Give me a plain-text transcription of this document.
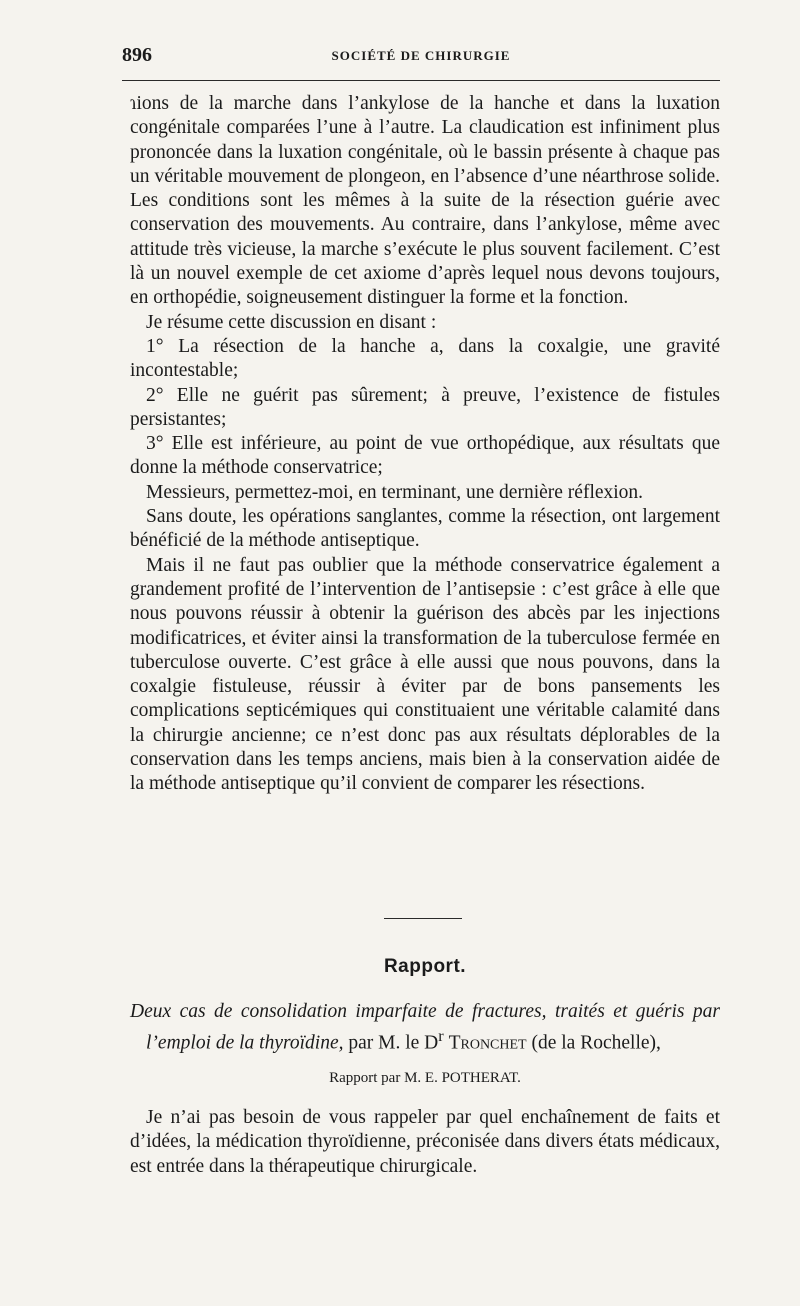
896	SOCIÉTÉ DE CHIRURGIE

ɿions de la marche dans l’ankylose de la hanche et dans la luxation congénitale comparées l’une à l’autre. La claudication est infiniment plus prononcée dans la luxation congénitale, où le bassin présente à chaque pas un véritable mouvement de plongeon, en l’absence d’une néarthrose solide. Les conditions sont les mêmes à la suite de la résection guérie avec conservation des mouvements. Au contraire, dans l’ankylose, même avec attitude très vicieuse, la marche s’exécute le plus souvent facilement. C’est là un nouvel exemple de cet axiome d’après lequel nous devons toujours, en orthopédie, soigneusement distinguer la forme et la fonction.

Je résume cette discussion en disant :

1° La résection de la hanche a, dans la coxalgie, une gravité incontestable;

2° Elle ne guérit pas sûrement; à preuve, l’existence de fistules persistantes;

3° Elle est inférieure, au point de vue orthopédique, aux résultats que donne la méthode conservatrice;

Messieurs, permettez-moi, en terminant, une dernière réflexion.

Sans doute, les opérations sanglantes, comme la résection, ont largement bénéficié de la méthode antiseptique.

Mais il ne faut pas oublier que la méthode conservatrice également a grandement profité de l’intervention de l’antisepsie : c’est grâce à elle que nous pouvons réussir à obtenir la guérison des abcès par les injections modificatrices, et éviter ainsi la transformation de la tuberculose fermée en tuberculose ouverte. C’est grâce à elle aussi que nous pouvons, dans la coxalgie fistuleuse, réussir à éviter par de bons pansements les complications septicémiques qui constituaient une véritable calamité dans la chirurgie ancienne; ce n’est donc pas aux résultats déplorables de la conservation dans les temps anciens, mais bien à la conservation aidée de la méthode antiseptique qu’il convient de comparer les résections.

Rapport.

Deux cas de consolidation imparfaite de fractures, traités et guéris par l’emploi de la thyroïdine, par M. le $D^r$ Tronchet (de la Rochelle),

Rapport par M. E. POTHERAT.

Je n’ai pas besoin de vous rappeler par quel enchaînement de faits et d’idées, la médication thyroïdienne, préconisée dans divers états médicaux, est entrée dans la thérapeutique chirurgicale.
